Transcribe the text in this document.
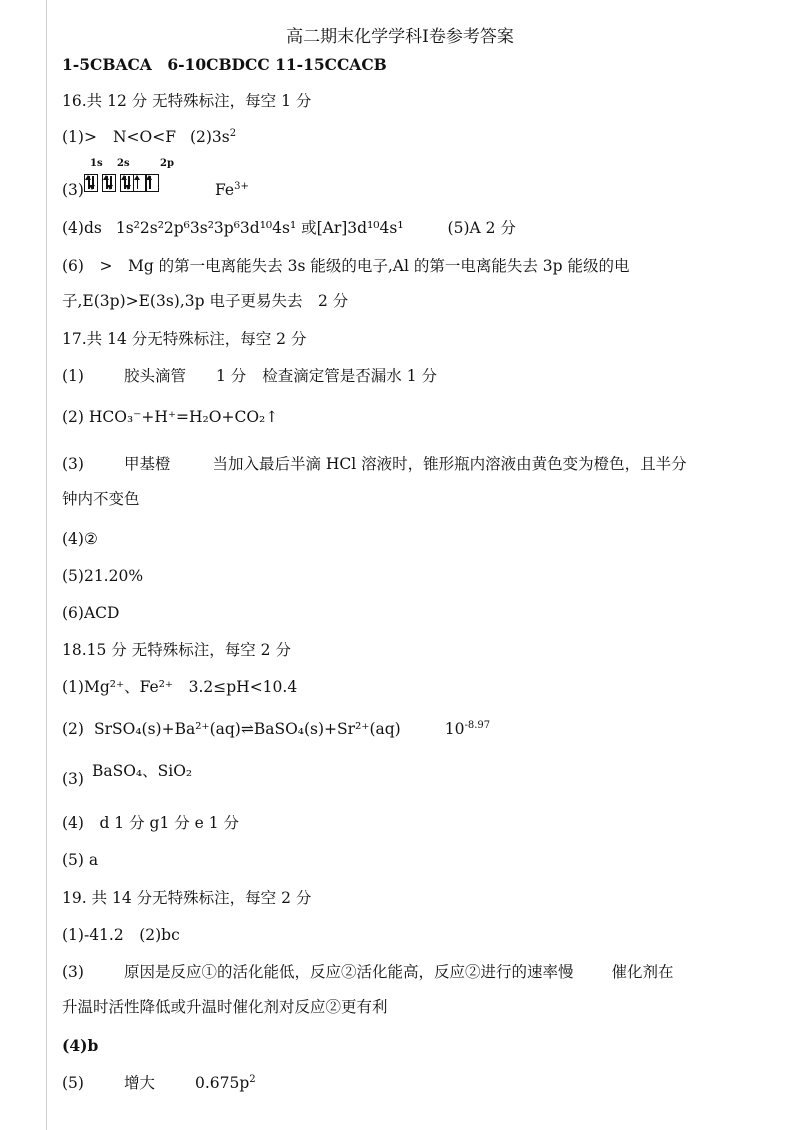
高二期末化学学科Ⅰ卷参考答案
1-5CBACA　6-10CBDCC 11-15CCACB
16.共 12 分 无特殊标注，每空 1 分
(1)> N<O<F $(2)3s^2$
1s 2s	2p
(3)	$Fe^{3+}$
(4)ds 1s²2s²2p⁶3s²3p⁶3d¹⁰4s¹ 或[Ar]3d¹⁰4s¹	(5)A 2 分
(6)　>　Mg 的第一电离能失去 3s 能级的电子,Al 的第一电离能失去 3p 能级的电
子,E(3p)>E(3s),3p 电子更易失去　2 分
17.共 14 分无特殊标注，每空 2 分
(1)	胶头滴管 1 分 检查滴定管是否漏水 1 分
(2) HCO₃⁻+H⁺=H₂O+CO₂↑
(3)	甲基橙	当加入最后半滴 HCl 溶液时，锥形瓶内溶液由黄色变为橙色，且半分
钟内不变色
(4)②
(5)21.20%
(6)ACD
18.15 分 无特殊标注，每空 2 分
(1)Mg²⁺、Fe²⁺　3.2≤pH<10.4
(2) SrSO₄(s)+Ba²⁺(aq)⇌BaSO₄(s)+Sr²⁺(aq)	$10^{-8.97}$
(3) BaSO₄、SiO₂
(4)　d 1 分 g1 分 e 1 分
(5) a
19. 共 14 分无特殊标注，每空 2 分
(1)-41.2　(2)bc
(3)	原因是反应①的活化能低，反应②活化能高，反应②进行的速率慢 催化剂在
升温时活性降低或升温时催化剂对反应②更有利
(4)b
(5)	增大	$0.675p^2$
